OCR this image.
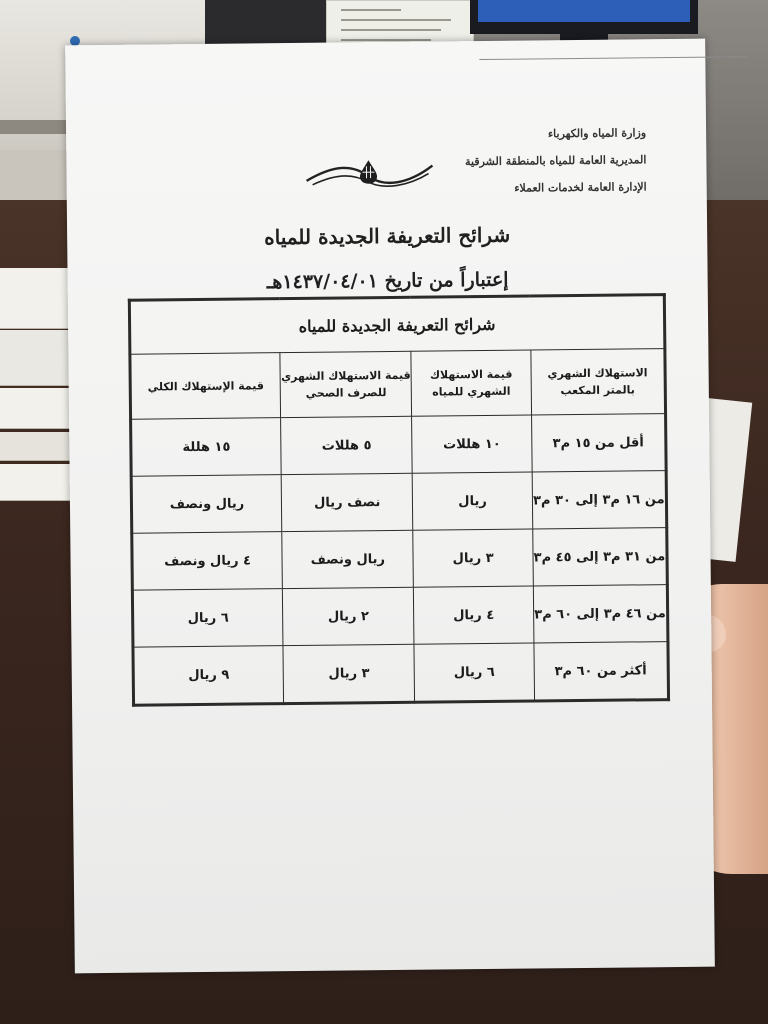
وزارة المياه والكهرباء
المديرية العامة للمياه بالمنطقة الشرقية
الإدارة العامة لخدمات العملاء
شرائح التعريفة الجديدة للمياه
إعتباراً من تاريخ ١٤٣٧/٠٤/٠١هـ
شرائح التعريفة الجديدة للمياه			
الاستهلاك الشهري بالمتر المكعب	قيمة الاستهلاك الشهري للمياه	قيمة الاستهلاك الشهري للصرف الصحي	قيمة الإستهلاك الكلي
أقل من ١٥ م٣	١٠ هللات	٥ هللات	١٥ هللة
من ١٦ م٣ إلى ٣٠ م٣	ريال	نصف ريال	ريال ونصف
من ٣١ م٣ إلى ٤٥ م٣	٣ ريال	ريال ونصف	٤ ريال ونصف
من ٤٦ م٣ إلى ٦٠ م٣	٤ ريال	٢ ريال	٦ ريال
أكثر من ٦٠ م٣	٦ ريال	٣ ريال	٩ ريال
